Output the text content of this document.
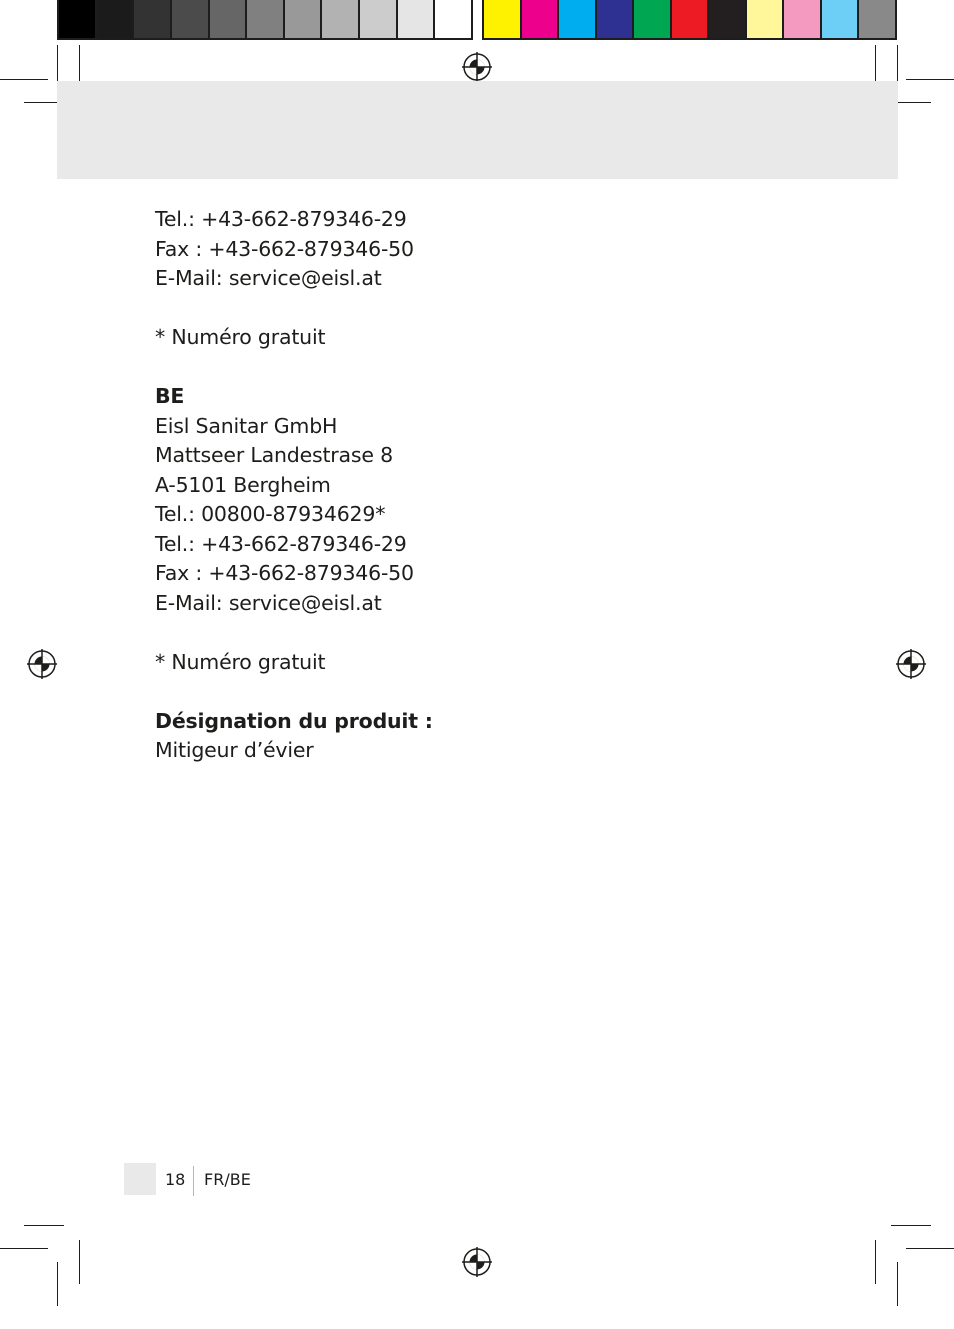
Tel.: +43-662-879346-29
Fax : +43-662-879346-50
E-Mail: service@eisl.at
* Numéro gratuit
BE
Eisl Sanitar GmbH
Mattseer Landestrase 8
A-5101 Bergheim
Tel.: 00800-87934629*
Tel.: +43-662-879346-29
Fax : +43-662-879346-50
E-Mail: service@eisl.at
* Numéro gratuit
Désignation du produit :
Mitigeur d’évier
18 FR/BE
